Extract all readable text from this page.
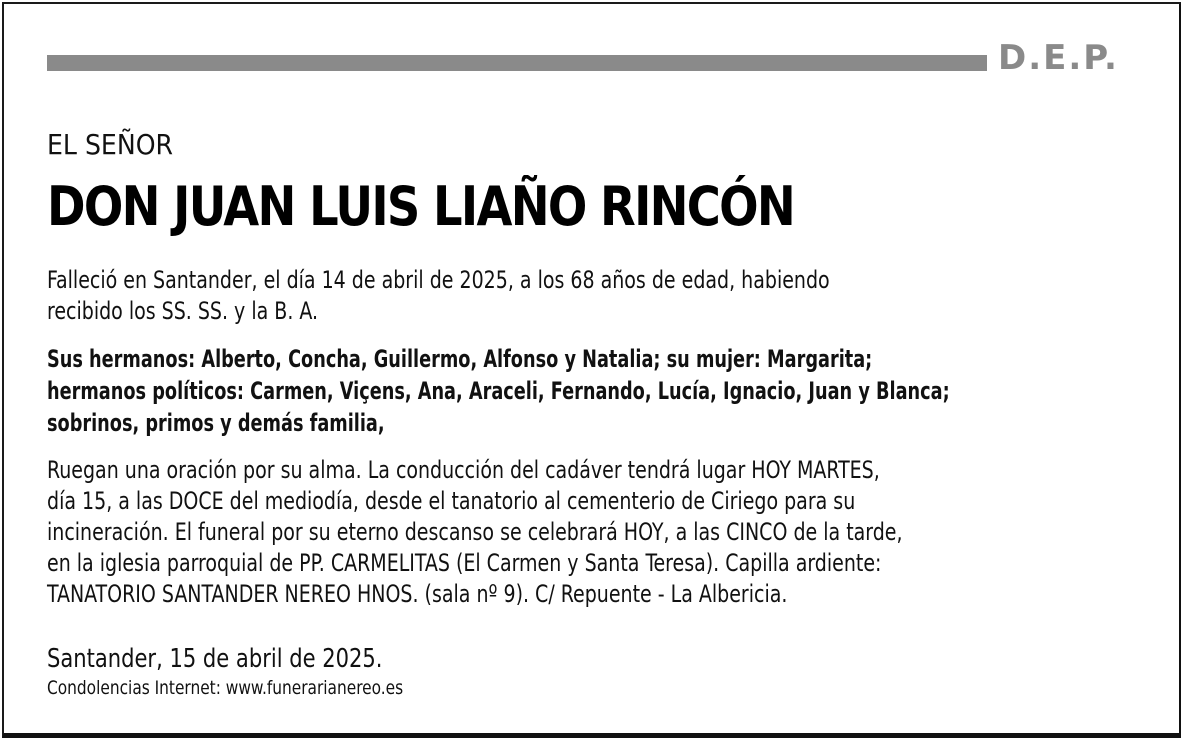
D.E.P.

EL SEÑOR

DON JUAN LUIS LIAÑO RINCÓN
Falleció en Santander, el día 14 de abril de 2025, a los 68 años de edad, habiendo
recibido los SS. SS. y la B. A.
Sus hermanos: Alberto, Concha, Guillermo, Alfonso y Natalia; su mujer: Margarita;
hermanos políticos: Carmen, Viçens, Ana, Araceli, Fernando, Lucía, Ignacio, Juan y Blanca;
sobrinos, primos y demás familia,
Ruegan una oración por su alma. La conducción del cadáver tendrá lugar HOY MARTES,
día 15, a las DOCE del mediodía, desde el tanatorio al cementerio de Ciriego para su
incineración. El funeral por su eterno descanso se celebrará HOY, a las CINCO de la tarde,
en la iglesia parroquial de PP. CARMELITAS (El Carmen y Santa Teresa). Capilla ardiente:
TANATORIO SANTANDER NEREO HNOS. (sala nº 9). C/ Repuente - La Albericia.
Santander, 15 de abril de 2025.
Condolencias Internet: www.funerarianereo.es
